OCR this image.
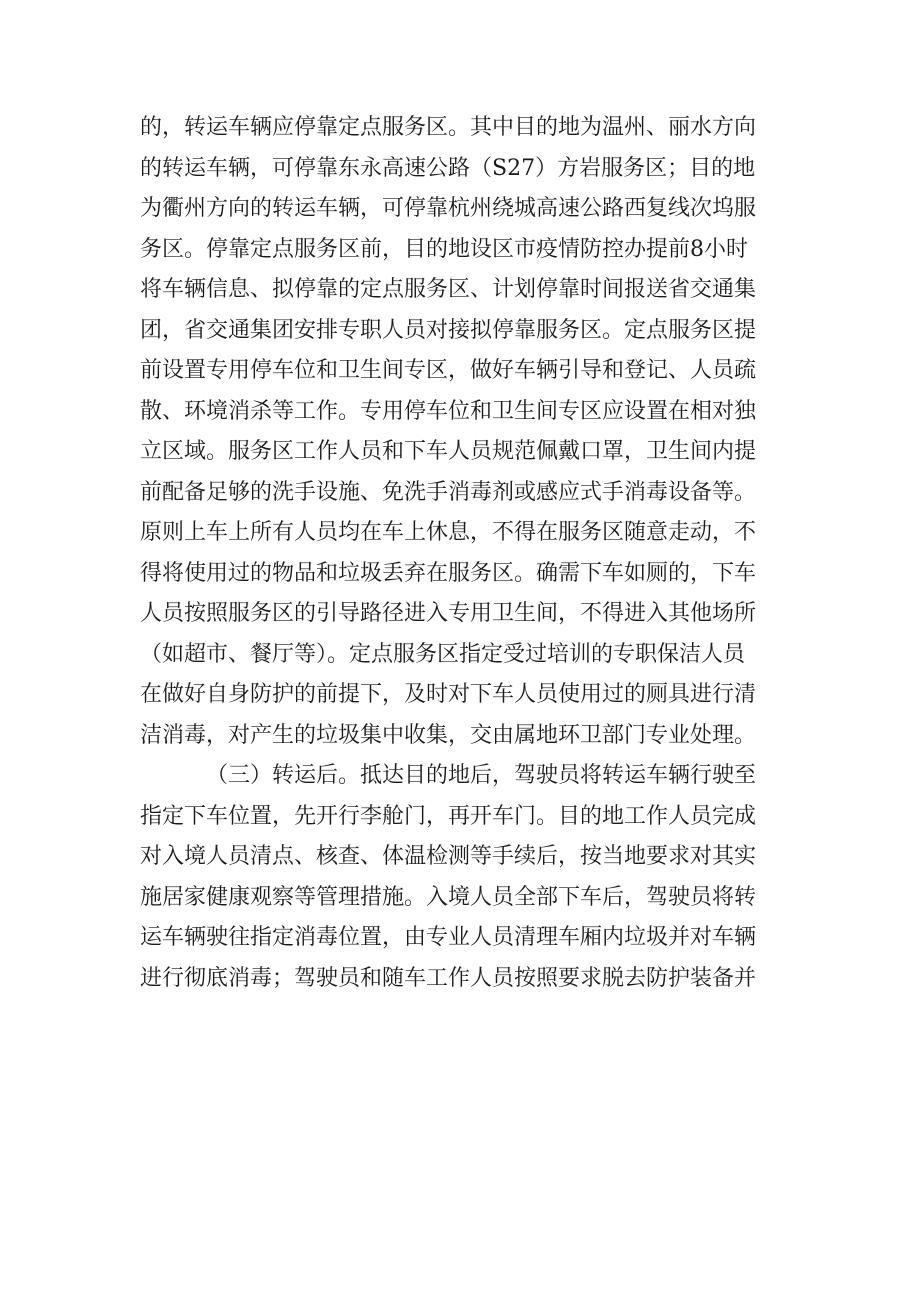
的，转运车辆应停靠定点服务区。其中目的地为温州、丽水方向
的转运车辆，可停靠东永高速公路（S27）方岩服务区；目的地
为衢州方向的转运车辆，可停靠杭州绕城高速公路西复线次坞服
务区。停靠定点服务区前，目的地设区市疫情防控办提前8小时
将车辆信息、拟停靠的定点服务区、计划停靠时间报送省交通集
团，省交通集团安排专职人员对接拟停靠服务区。定点服务区提
前设置专用停车位和卫生间专区，做好车辆引导和登记、人员疏
散、环境消杀等工作。专用停车位和卫生间专区应设置在相对独
立区域。服务区工作人员和下车人员规范佩戴口罩，卫生间内提
前配备足够的洗手设施、免洗手消毒剂或感应式手消毒设备等。
原则上车上所有人员均在车上休息，不得在服务区随意走动，不
得将使用过的物品和垃圾丢弃在服务区。确需下车如厕的，下车
人员按照服务区的引导路径进入专用卫生间，不得进入其他场所
（如超市、餐厅等）。定点服务区指定受过培训的专职保洁人员
在做好自身防护的前提下，及时对下车人员使用过的厕具进行清
洁消毒，对产生的垃圾集中收集，交由属地环卫部门专业处理。
（三）转运后。抵达目的地后，驾驶员将转运车辆行驶至
指定下车位置，先开行李舱门，再开车门。目的地工作人员完成
对入境人员清点、核查、体温检测等手续后，按当地要求对其实
施居家健康观察等管理措施。入境人员全部下车后，驾驶员将转
运车辆驶往指定消毒位置，由专业人员清理车厢内垃圾并对车辆
进行彻底消毒；驾驶员和随车工作人员按照要求脱去防护装备并
